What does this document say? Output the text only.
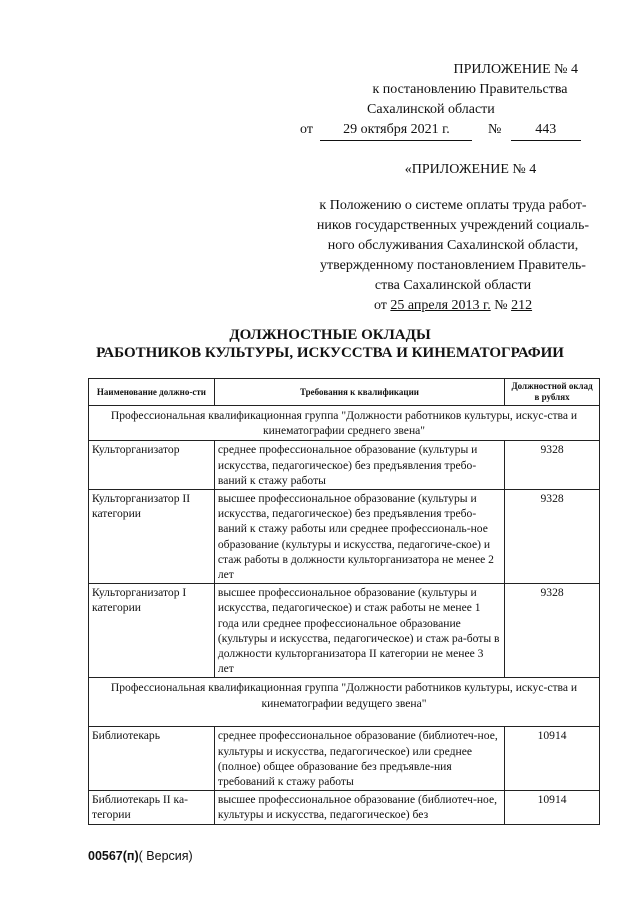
ПРИЛОЖЕНИЕ № 4
к постановлению Правительства
Сахалинской области
от 29 октября 2021 г.	№ 443
«ПРИЛОЖЕНИЕ № 4
к Положению о системе оплаты труда работ-
ников государственных учреждений социаль-
ного обслуживания Сахалинской области,
утвержденному постановлением Правитель-
ства Сахалинской области
от 25 апреля 2013 г. № 212
ДОЛЖНОСТНЫЕ ОКЛАДЫ
РАБОТНИКОВ КУЛЬТУРЫ, ИСКУССТВА И КИНЕМАТОГРАФИИ
Наименование должно-сти	Требования к квалификации	Должностной оклад в рублях
Профессиональная квалификационная группа "Должности работников культуры, искус-ства и кинематографии среднего звена"		
Культорганизатор	среднее профессиональное образование (культуры и искусства, педагогическое) без предъявления требо-ваний к стажу работы	9328
Культорганизатор II категории	высшее профессиональное образование (культуры и искусства, педагогическое) без предъявления требо-ваний к стажу работы или среднее профессиональ-ное образование (культуры и искусства, педагогиче-ское) и стаж работы в должности культорганизатора не менее 2 лет	9328
Культорганизатор I категории	высшее профессиональное образование (культуры и искусства, педагогическое) и стаж работы не менее 1 года или среднее профессиональное образование (культуры и искусства, педагогическое) и стаж ра-боты в должности культорганизатора II категории не менее 3 лет	9328
Профессиональная квалификационная группа "Должности работников культуры, искус-ства и кинематографии ведущего звена"		
Библиотекарь	среднее профессиональное образование (библиотеч-ное, культуры и искусства, педагогическое) или среднее (полное) общее образование без предъявле-ния требований к стажу работы	10914
Библиотекарь II ка-тегории	высшее профессиональное образование (библиотеч-ное, культуры и искусства, педагогическое) без	10914
00567(п)( Версия)
